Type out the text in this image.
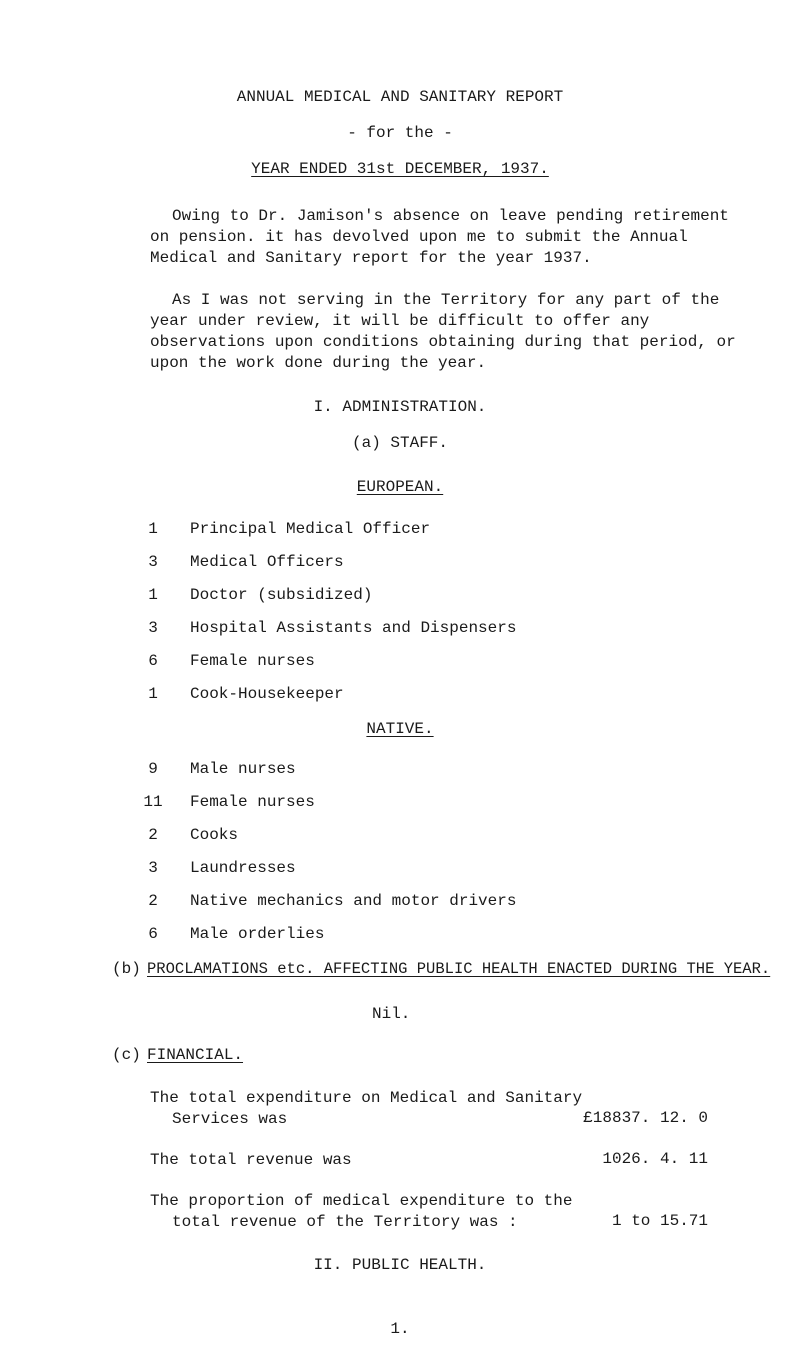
ANNUAL MEDICAL AND SANITARY REPORT
- for the -
YEAR ENDED 31st DECEMBER, 1937.
Owing to Dr. Jamison's absence on leave pending retirement on pension. it has devolved upon me to submit the Annual Medical and Sanitary report for the year 1937.
As I was not serving in the Territory for any part of the year under review, it will be difficult to offer any observations upon conditions obtaining during that period, or upon the work done during the year.
I. ADMINISTRATION.
(a) STAFF.
EUROPEAN.
1	Principal Medical Officer
3	Medical Officers
1	Doctor (subsidized)
3	Hospital Assistants and Dispensers
6	Female nurses
1	Cook-Housekeeper
NATIVE.
9	Male nurses
11 Female nurses
2	Cooks
3	Laundresses
2	Native mechanics and motor drivers
6	Male orderlies
(b) PROCLAMATIONS etc. AFFECTING PUBLIC HEALTH ENACTED DURING THE YEAR.
Nil.
(c) FINANCIAL.
The total expenditure on Medical and Sanitary
Services was	£18837. 12. 0
The total revenue was	1026. 4. 11
The proportion of medical expenditure to the
total revenue of the Territory was :	1 to 15.71
II. PUBLIC HEALTH.
1.
